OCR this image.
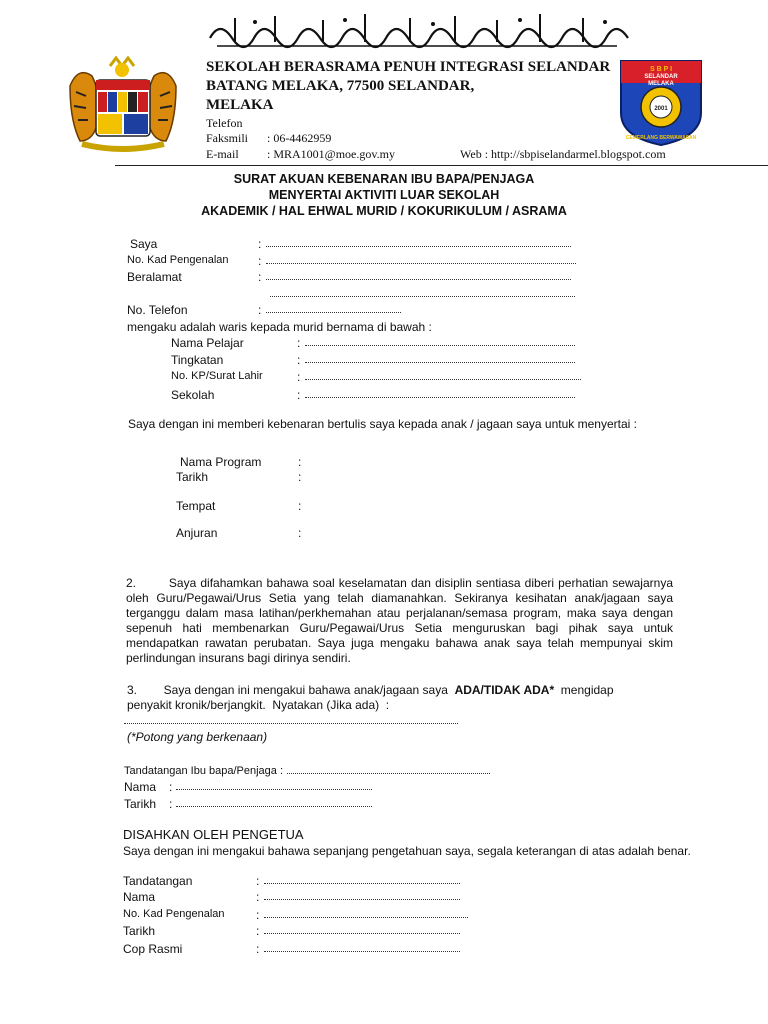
S B P I
SELANDAR
MELAKA
2001
CEMERLANG BERWAWASAN
SEKOLAH BERASRAMA PENUH INTEGRASI SELANDAR
BATANG MELAKA, 77500 SELANDAR,
MELAKA
Telefon
Faksmili : 06-4462959
E-mail : MRA1001@moe.gov.my	Web : http://sbpiselandarmel.blogspot.com
SURAT AKUAN KEBENARAN IBU BAPA/PENJAGA
MENYERTAI AKTIVITI LUAR SEKOLAH
AKADEMIK / HAL EHWAL MURID / KOKURIKULUM / ASRAMA
Saya	:
No. Kad Pengenalan :
Beralamat	:
No. Telefon	:
mengaku adalah waris kepada murid bernama di bawah :
Nama Pelajar	:
Tingkatan	:
No. KP/Surat Lahir	:
Sekolah	:
Saya dengan ini memberi kebenaran bertulis saya kepada anak / jagaan saya untuk menyertai :
Nama Program	:
Tarikh	:
Tempat	:
Anjuran	:
2.        Saya difahamkan bahawa soal keselamatan dan disiplin sentiasa diberi perhatian sewajarnya oleh Guru/Pegawai/Urus Setia yang telah diamanahkan. Sekiranya kesihatan anak/jagaan saya terganggu dalam masa latihan/perkhemahan atau perjalanan/semasa program, maka saya dengan sepenuh hati membenarkan Guru/Pegawai/Urus Setia menguruskan bagi pihak saya untuk mendapatkan rawatan perubatan. Saya juga mengaku bahawa anak saya telah mempunyai skim perlindungan insurans bagi dirinya sendiri.
3.        Saya dengan ini mengakui bahawa anak/jagaan saya ADA/TIDAK ADA* mengidap
penyakit kronik/berjangkit.  Nyatakan (Jika ada)  :
(*Potong yang berkenaan)
Tandatangan Ibu bapa/Penjaga :
Nama :
Tarikh :
DISAHKAN OLEH PENGETUA
Saya dengan ini mengakui bahawa sepanjang pengetahuan saya, segala keterangan di atas adalah benar.
Tandatangan	:
Nama	:
No. Kad Pengenalan	:
Tarikh	:
Cop Rasmi	:
